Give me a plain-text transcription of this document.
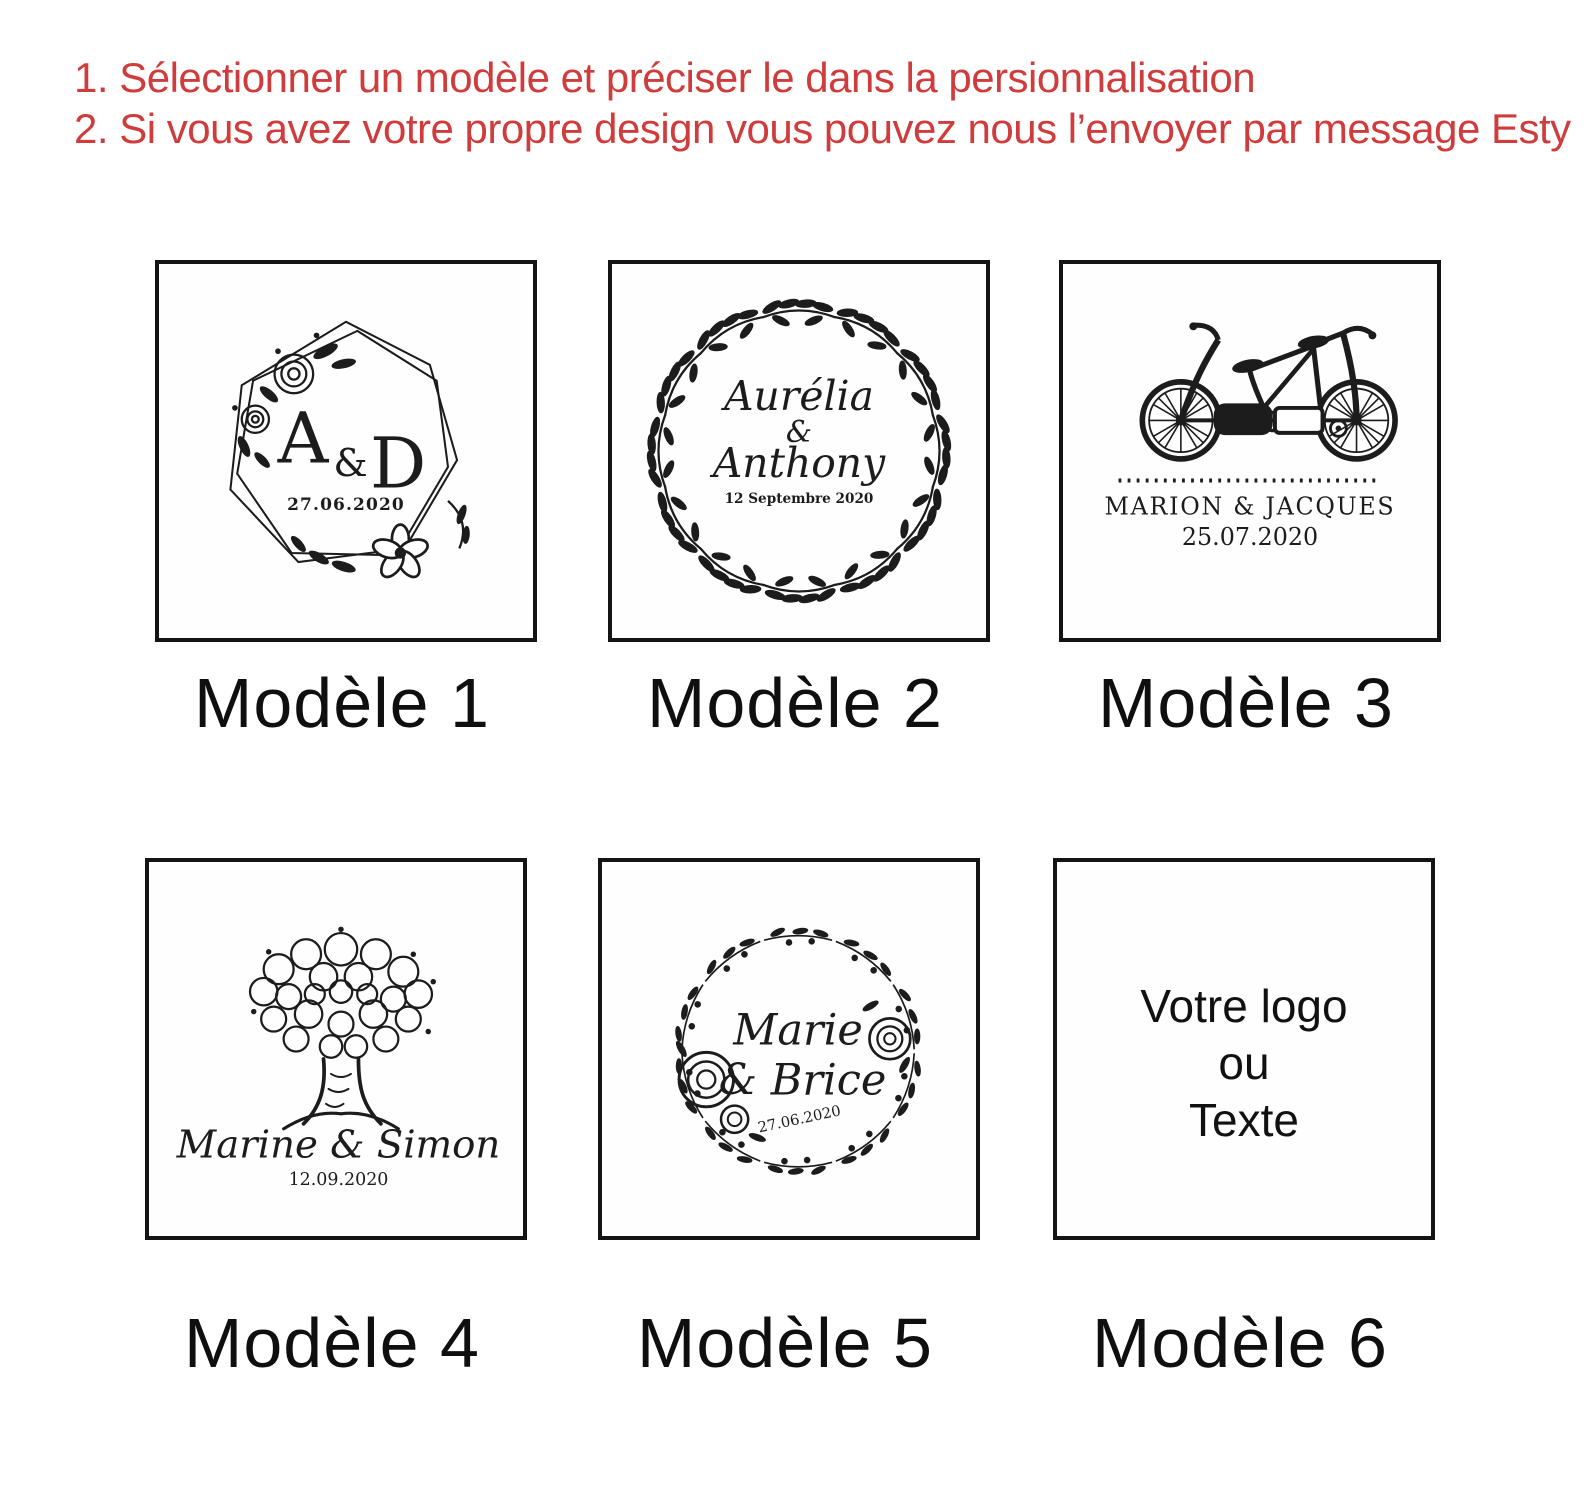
1. Sélectionner un modèle et préciser le dans la persionnalisation
2. Si vous avez votre propre design vous pouvez nous l’envoyer par message Esty
A & D
27.06.2020
Aurélia
&
Anthony
12 Septembre 2020	MARION & JACQUES
25.07.2020
Marine & Simon
12.09.2020
Marie
& Brice
27.06.2020
Votre logo
ou
Texte
Modèle 1	Modèle 2	Modèle 3
Modèle 4	Modèle 5	Modèle 6
